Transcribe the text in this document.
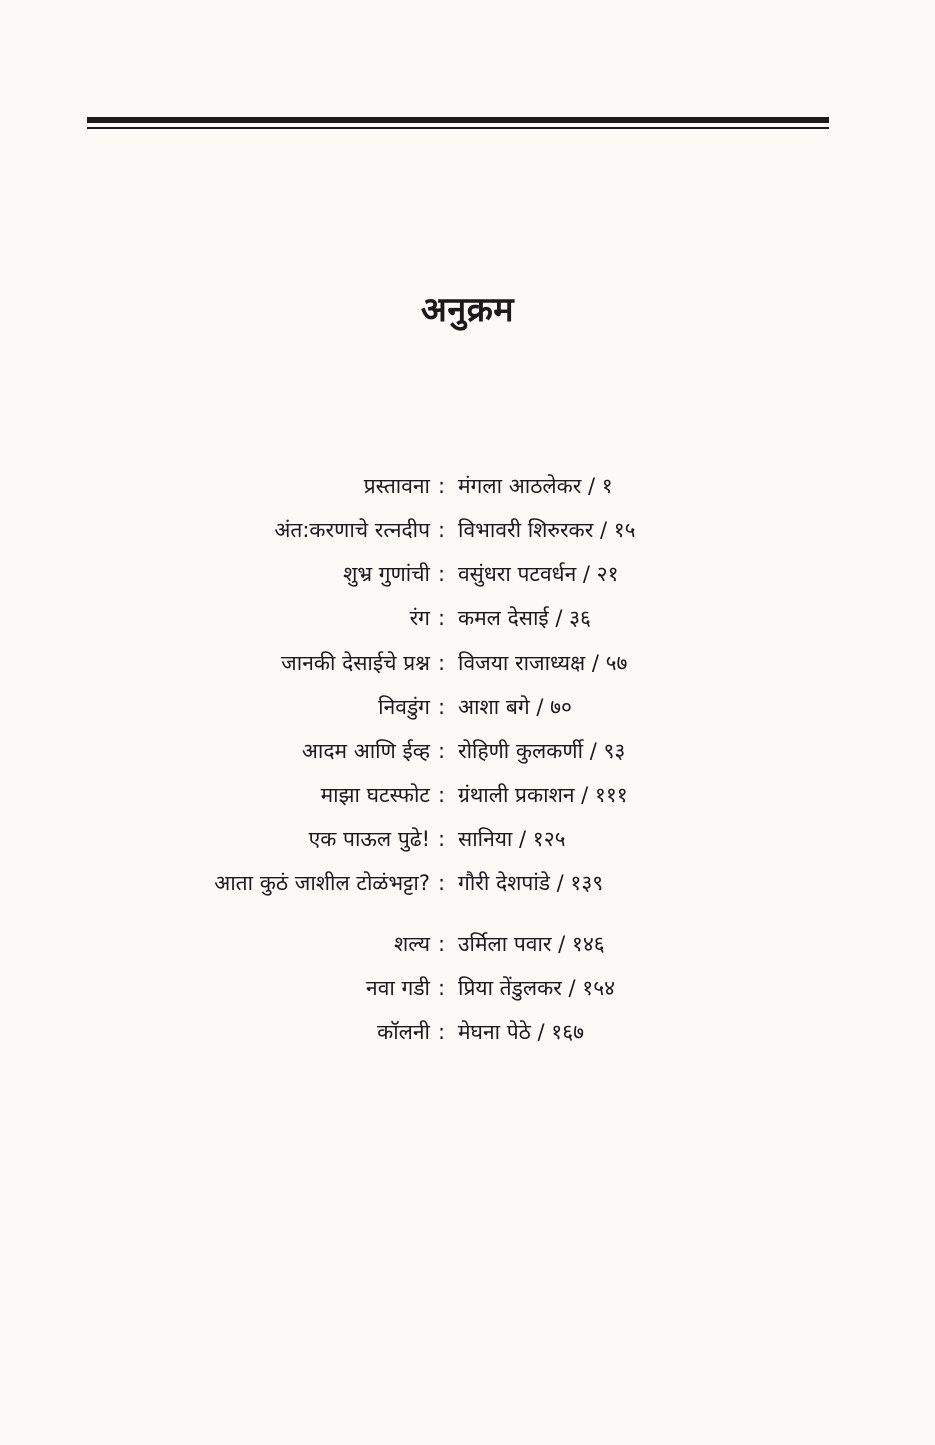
अनुक्रम
प्रस्तावना : मंगला आठलेकर / १
अंत:करणाचे रत्नदीप : विभावरी शिरुरकर / १५
शुभ्र गुणांची : वसुंधरा पटवर्धन / २१
रंग : कमल देसाई / ३६
जानकी देसाईचे प्रश्न : विजया राजाध्यक्ष / ५७
निवडुंग : आशा बगे / ७०
आदम आणि ईव्ह : रोहिणी कुलकर्णी / ९३
माझा घटस्फोट : ग्रंथाली प्रकाशन / १११
एक पाऊल पुढे! : सानिया / १२५
आता कुठं जाशील टोळंभट्टा? : गौरी देशपांडे / १३९
शल्य : उर्मिला पवार / १४६
नवा गडी : प्रिया तेंडुलकर / १५४
कॉलनी : मेघना पेठे / १६७
